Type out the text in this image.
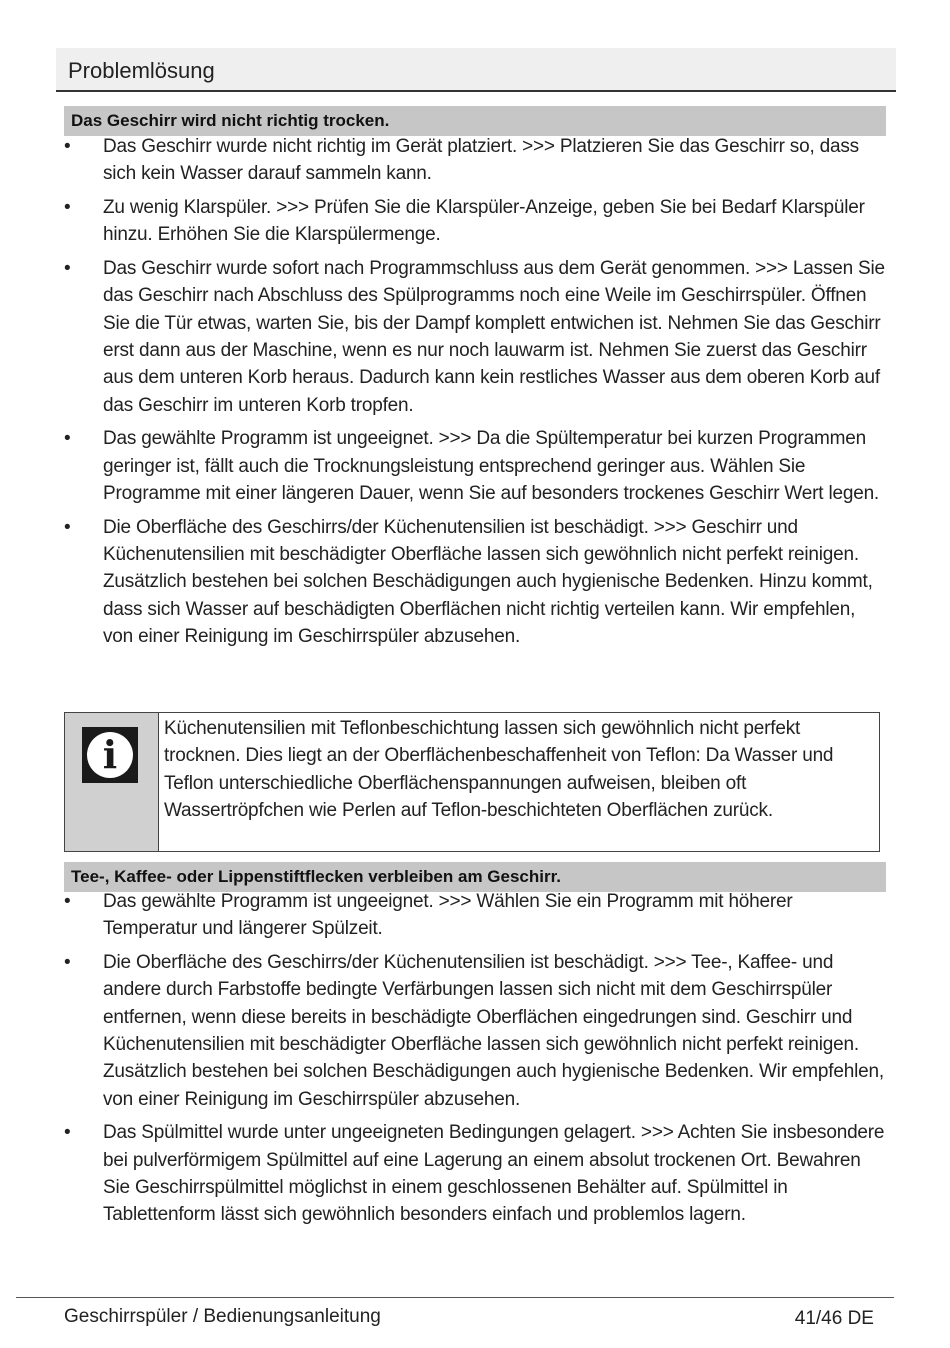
Problemlösung
Das Geschirr wird nicht richtig trocken.
• Das Geschirr wurde nicht richtig im Gerät platziert. >>> Platzieren Sie das Geschirr so, dass sich kein Wasser darauf sammeln kann.
• Zu wenig Klarspüler. >>> Prüfen Sie die Klarspüler-Anzeige, geben Sie bei Bedarf Klarspüler hinzu. Erhöhen Sie die Klarspülermenge.
• Das Geschirr wurde sofort nach Programmschluss aus dem Gerät genommen. >>> Lassen Sie das Geschirr nach Abschluss des Spülprogramms noch eine Weile im Geschirrspüler. Öffnen Sie die Tür etwas, warten Sie, bis der Dampf komplett entwichen ist. Nehmen Sie das Geschirr erst dann aus der Maschine, wenn es nur noch lauwarm ist. Nehmen Sie zuerst das Geschirr aus dem unteren Korb heraus. Dadurch kann kein restliches Wasser aus dem oberen Korb auf das Geschirr im unteren Korb tropfen.
• Das gewählte Programm ist ungeeignet. >>> Da die Spültemperatur bei kurzen Programmen geringer ist, fällt auch die Trocknungsleistung entsprechend geringer aus. Wählen Sie Programme mit einer längeren Dauer, wenn Sie auf besonders trockenes Geschirr Wert legen.
• Die Oberfläche des Geschirrs/der Küchenutensilien ist beschädigt. >>> Geschirr und Küchenutensilien mit beschädigter Oberfläche lassen sich gewöhnlich nicht perfekt reinigen. Zusätzlich bestehen bei solchen Beschädigungen auch hygienische Bedenken. Hinzu kommt, dass sich Wasser auf beschädigten Oberflächen nicht richtig verteilen kann. Wir empfehlen, von einer Reinigung im Geschirrspüler abzusehen.
i
Küchenutensilien mit Teflonbeschichtung lassen sich gewöhnlich nicht perfekt trocknen. Dies liegt an der Oberflächenbeschaffenheit von Teflon: Da Wasser und Teflon unterschiedliche Oberflächenspannungen aufweisen, bleiben oft Wassertröpfchen wie Perlen auf Teflon-beschichteten Oberflächen zurück.
Tee-, Kaffee- oder Lippenstiftflecken verbleiben am Geschirr.
• Das gewählte Programm ist ungeeignet. >>> Wählen Sie ein Programm mit höherer Temperatur und längerer Spülzeit.
• Die Oberfläche des Geschirrs/der Küchenutensilien ist beschädigt. >>> Tee-, Kaffee- und andere durch Farbstoffe bedingte Verfärbungen lassen sich nicht mit dem Geschirrspüler entfernen, wenn diese bereits in beschädigte Oberflächen eingedrungen sind. Geschirr und Küchenutensilien mit beschädigter Oberfläche lassen sich gewöhnlich nicht perfekt reinigen. Zusätzlich bestehen bei solchen Beschädigungen auch hygienische Bedenken. Wir empfehlen, von einer Reinigung im Geschirrspüler abzusehen.
• Das Spülmittel wurde unter ungeeigneten Bedingungen gelagert. >>> Achten Sie insbesondere bei pulverförmigem Spülmittel auf eine Lagerung an einem absolut trockenen Ort. Bewahren Sie Geschirrspülmittel möglichst in einem geschlossenen Behälter auf. Spülmittel in Tablettenform lässt sich gewöhnlich besonders einfach und problemlos lagern.
Geschirrspüler / Bedienungsanleitung	41/46 DE
